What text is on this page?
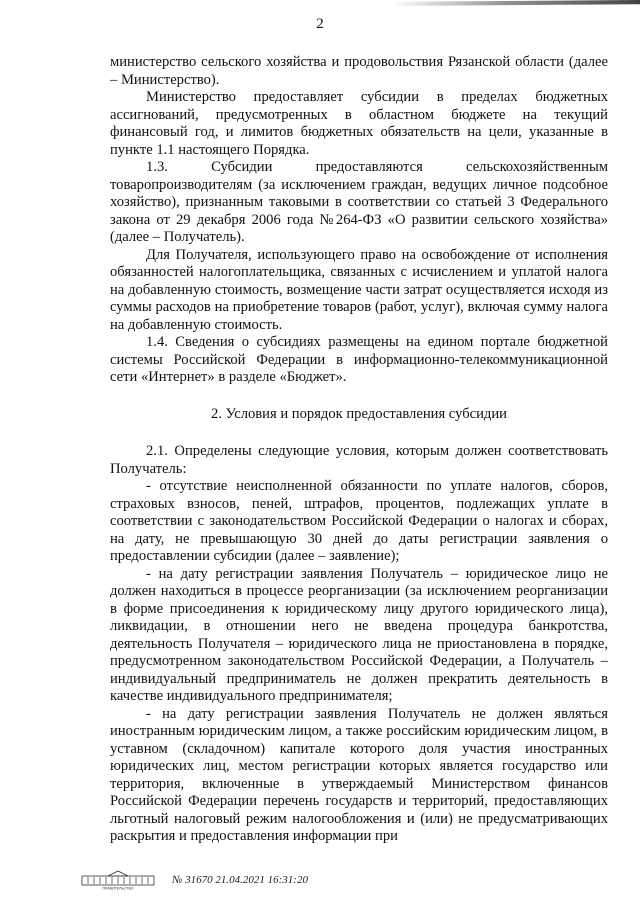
2

министерство сельского хозяйства и продовольствия Рязанской области (далее – Министерство).

Министерство предоставляет субсидии в пределах бюджетных ассигнований, предусмотренных в областном бюджете на текущий финансовый год, и лимитов бюджетных обязательств на цели, указанные в пункте 1.1 настоящего Порядка.

1.3. Субсидии предоставляются сельскохозяйственным товаропроизводителям (за исключением граждан, ведущих личное подсобное хозяйство), признанным таковыми в соответствии со статьей 3 Федерального закона от 29 декабря 2006 года №264-ФЗ «О развитии сельского хозяйства» (далее – Получатель).

Для Получателя, использующего право на освобождение от исполнения обязанностей налогоплательщика, связанных с исчислением и уплатой налога на добавленную стоимость, возмещение части затрат осуществляется исходя из суммы расходов на приобретение товаров (работ, услуг), включая сумму налога на добавленную стоимость.

1.4. Сведения о субсидиях размещены на едином портале бюджетной системы Российской Федерации в информационно-телекоммуникационной сети «Интернет» в разделе «Бюджет».

2. Условия и порядок предоставления субсидии

2.1. Определены следующие условия, которым должен соответствовать Получатель:

- отсутствие неисполненной обязанности по уплате налогов, сборов, страховых взносов, пеней, штрафов, процентов, подлежащих уплате в соответствии с законодательством Российской Федерации о налогах и сборах, на дату, не превышающую 30 дней до даты регистрации заявления о предоставлении субсидии (далее – заявление);

- на дату регистрации заявления Получатель – юридическое лицо не должен находиться в процессе реорганизации (за исключением реорганизации в форме присоединения к юридическому лицу другого юридического лица), ликвидации, в отношении него не введена процедура банкротства, деятельность Получателя – юридического лица не приостановлена в порядке, предусмотренном законодательством Российской Федерации, а Получатель – индивидуальный предприниматель не должен прекратить деятельность в качестве индивидуального предпринимателя;

- на дату регистрации заявления Получатель не должен являться иностранным юридическим лицом, а также российским юридическим лицом, в уставном (складочном) капитале которого доля участия иностранных юридических лиц, местом регистрации которых является государство или территория, включенные в утверждаемый Министерством финансов Российской Федерации перечень государств и территорий, предоставляющих льготный налоговый режим налогообложения и (или) не предусматривающих раскрытия и предоставления информации при

ПРАВИТЕЛЬСТВО
№ 31670 21.04.2021 16:31:20
